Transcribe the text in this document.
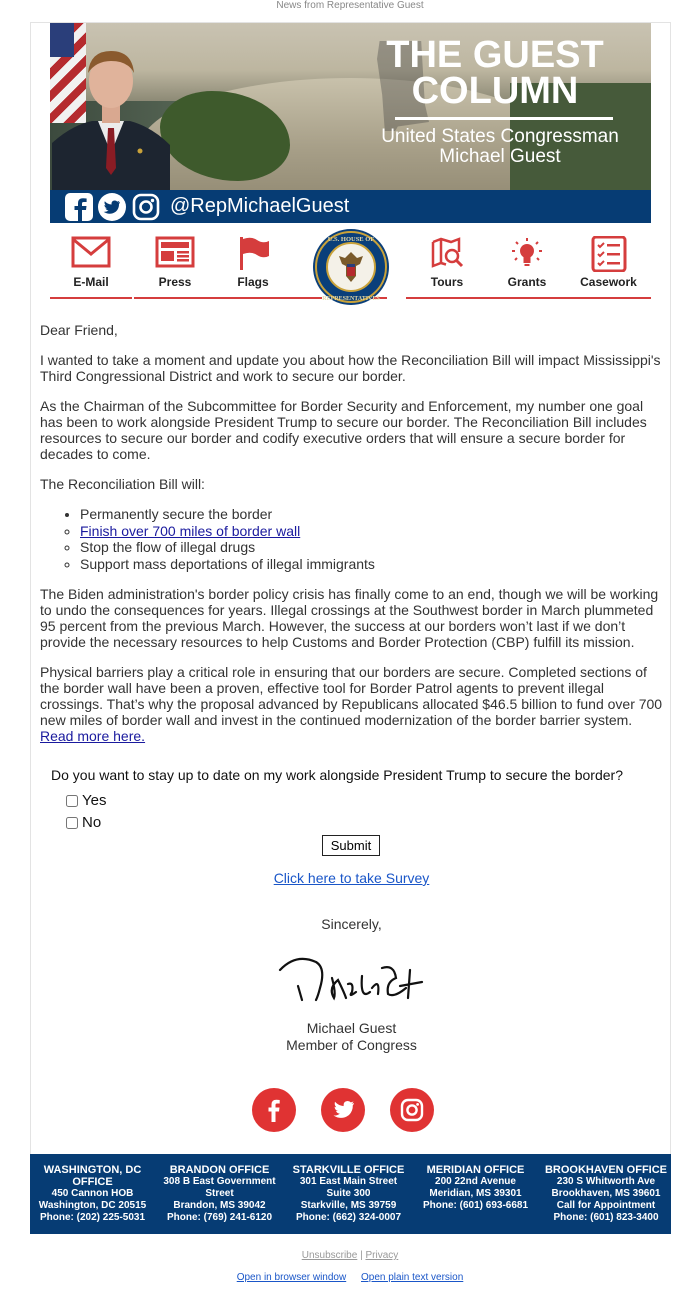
News from Representative Guest
THE GUEST
COLUMN
United States Congressman
Michael Guest
@RepMichaelGuest
E-Mail	Press	Flags
U.S. HOUSE OF
REPRESENTATIVES
Tours	Grants	Casework

Dear Friend,

I wanted to take a moment and update you about how the Reconciliation Bill will impact Mississippi's Third Congressional District and work to secure our border.

As the Chairman of the Subcommittee for Border Security and Enforcement, my number one goal has been to work alongside President Trump to secure our border. The Reconciliation Bill includes resources to secure our border and codify executive orders that will ensure a secure border for decades to come.

The Reconciliation Bill will:

• Permanently secure the border
◦ Finish over 700 miles of border wall
◦ Stop the flow of illegal drugs
◦ Support mass deportations of illegal immigrants

The Biden administration's border policy crisis has finally come to an end, though we will be working to undo the consequences for years. Illegal crossings at the Southwest border in March plummeted 95 percent from the previous March. However, the success at our borders won’t last if we don’t provide the necessary resources to help Customs and Border Protection (CBP) fulfill its mission.

Physical barriers play a critical role in ensuring that our borders are secure. Completed sections of the border wall have been a proven, effective tool for Border Patrol agents to prevent illegal crossings. That’s why the proposal advanced by Republicans allocated $46.5 billion to fund over 700 new miles of border wall and invest in the continued modernization of the border barrier system. Read more here.

Do you want to stay up to date on my work alongside President Trump to secure the border?
Yes
No
Submit
Click here to take Survey
Sincerely,
Michael Guest
Member of Congress
WASHINGTON, DC OFFICE
450 Cannon HOB
Washington, DC 20515
Phone: (202) 225-5031
BRANDON OFFICE
308 B East Government Street
Brandon, MS 39042
Phone: (769) 241-6120
STARKVILLE OFFICE
301 East Main Street
Suite 300
Starkville, MS 39759
Phone: (662) 324-0007
MERIDIAN OFFICE
200 22nd Avenue
Meridian, MS 39301
Phone: (601) 693-6681
BROOKHAVEN OFFICE
230 S Whitworth Ave
Brookhaven, MS 39601
Call for Appointment
Phone: (601) 823-3400
Unsubscribe | Privacy
Open in browser window Open plain text version
